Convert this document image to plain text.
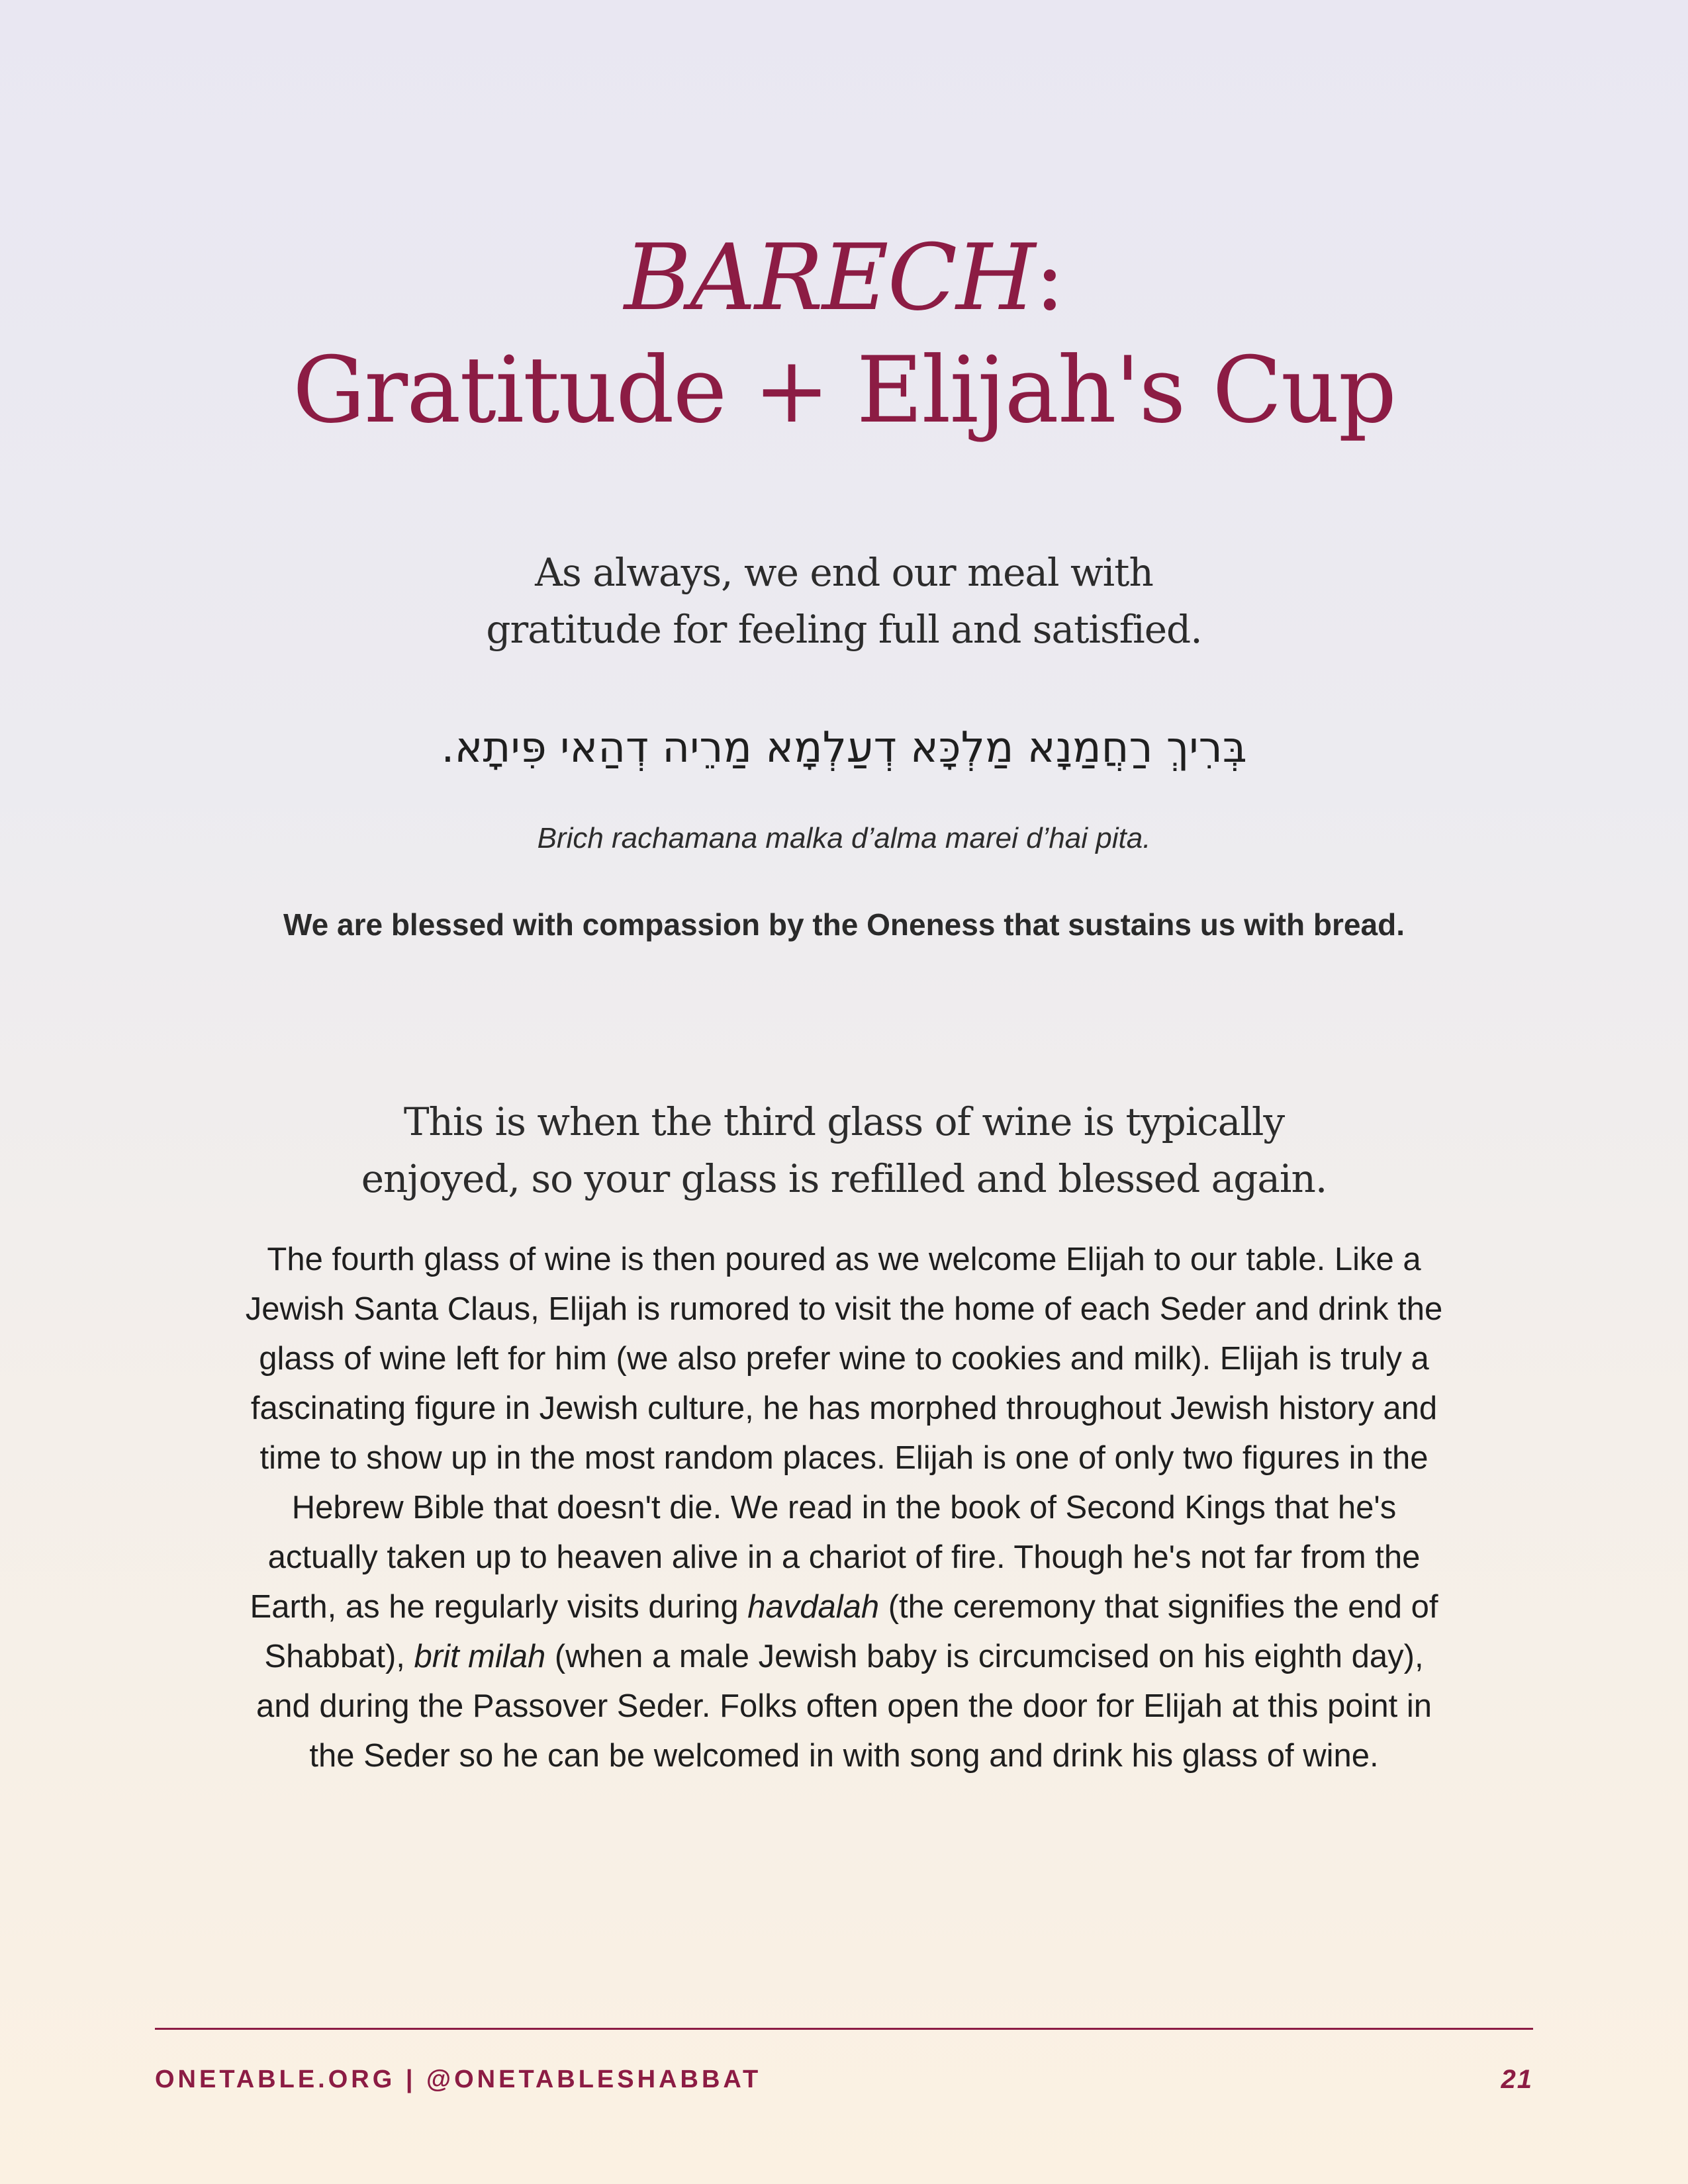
BARECH:
Gratitude + Elijah's Cup
As always, we end our meal with
gratitude for feeling full and satisfied.
בְּרִיךְ רַחֲמַנָא מַלְכָּא דְעַלְמָא מַרֵיה דְהַאי פִּיתָא.
Brich rachamana malka d’alma marei d’hai pita.
We are blessed with compassion by the Oneness that sustains us with bread.
This is when the third glass of wine is typically
enjoyed, so your glass is refilled and blessed again.

The fourth glass of wine is then poured as we welcome Elijah to our table. Like a Jewish Santa Claus, Elijah is rumored to visit the home of each Seder and drink the glass of wine left for him (we also prefer wine to cookies and milk). Elijah is truly a fascinating figure in Jewish culture, he has morphed throughout Jewish history and time to show up in the most random places. Elijah is one of only two figures in the Hebrew Bible that doesn't die. We read in the book of Second Kings that he's actually taken up to heaven alive in a chariot of fire. Though he's not far from the Earth, as he regularly visits during havdalah (the ceremony that signifies the end of Shabbat), brit milah (when a male Jewish baby is circumcised on his eighth day), and during the Passover Seder. Folks often open the door for Elijah at this point in the Seder so he can be welcomed in with song and drink his glass of wine.

ONETABLE.ORG | @ONETABLESHABBAT	21
